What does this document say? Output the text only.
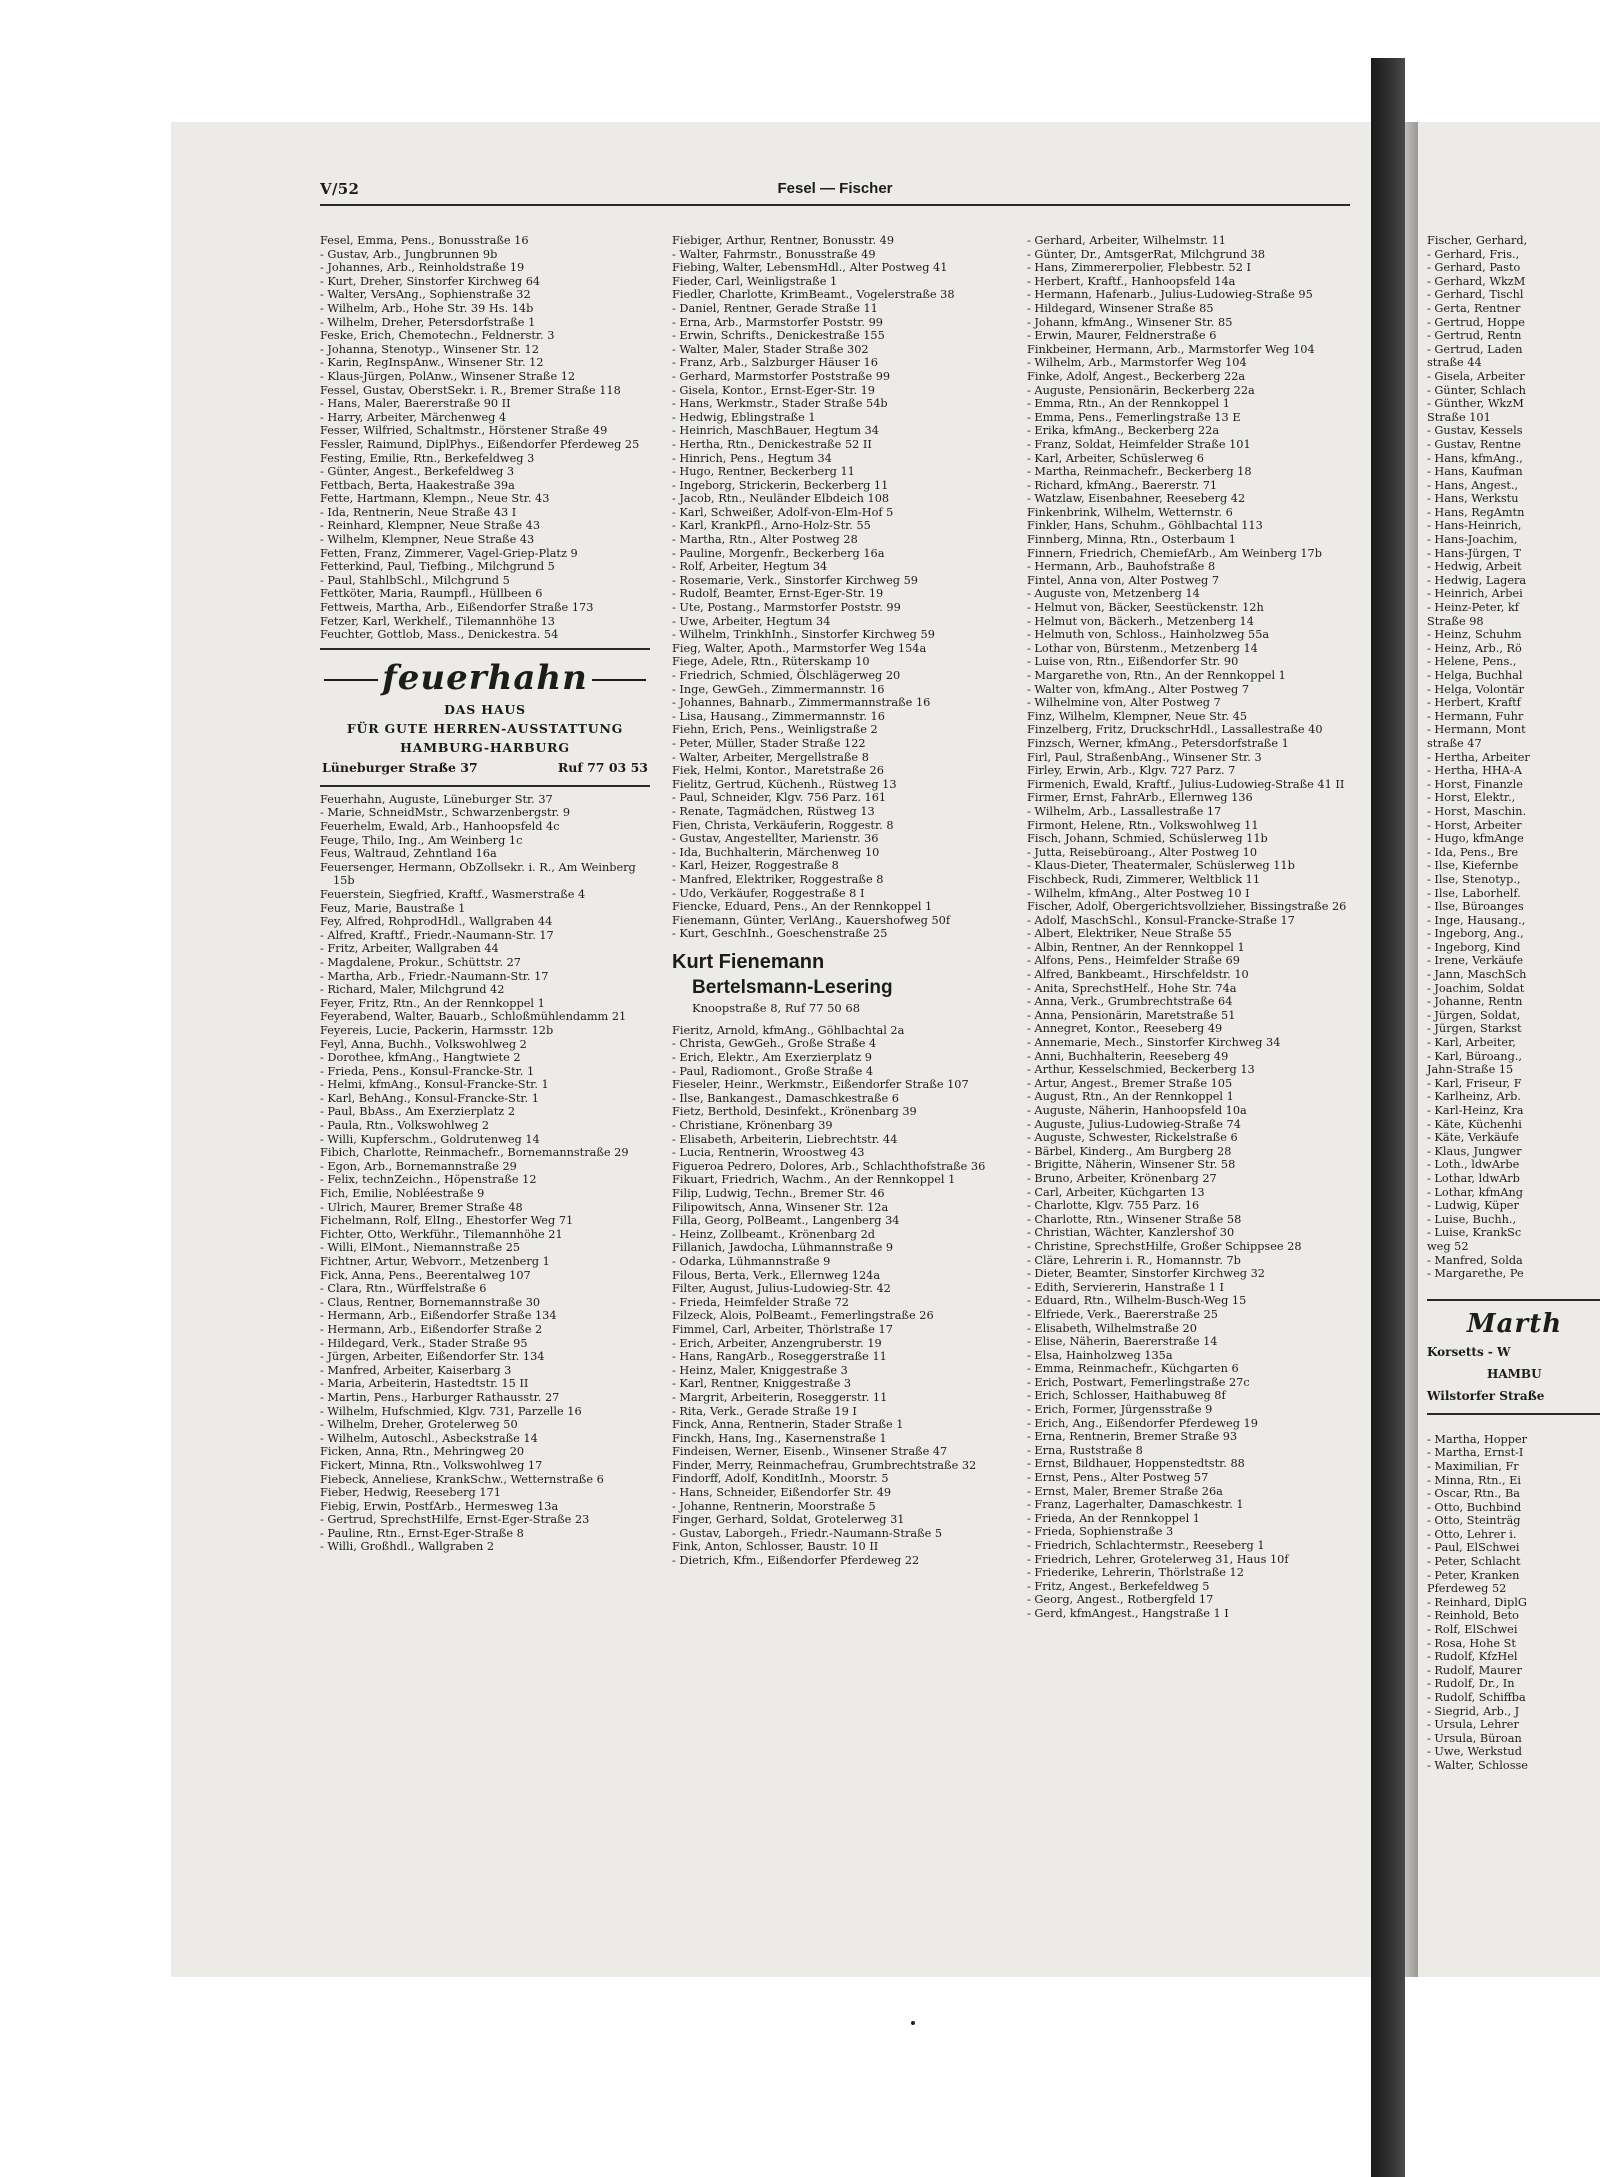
Fischer, Gerhard,
- Gerhard, Fris.,
- Gerhard, Pasto
- Gerhard, WkzM
- Gerhard, Tischl
- Gerta, Rentner
- Gertrud, Hoppe
- Gertrud, Rentn
- Gertrud, Laden
straße 44
- Gisela, Arbeiter
- Günter, Schlach
- Günther, WkzM
Straße 101
- Gustav, Kessels
- Gustav, Rentne
- Hans, kfmAng.,
- Hans, Kaufman
- Hans, Angest.,
- Hans, Werkstu
- Hans, RegAmtn
- Hans-Heinrich,
- Hans-Joachim,
- Hans-Jürgen, T
- Hedwig, Arbeit
- Hedwig, Lagera
- Heinrich, Arbei
- Heinz-Peter, kf
Straße 98
- Heinz, Schuhm
- Heinz, Arb., Rö
- Helene, Pens.,
- Helga, Buchhal
- Helga, Volontär
- Herbert, Kraftf
- Hermann, Fuhr
- Hermann, Mont
straße 47
- Hertha, Arbeiter
- Hertha, HHA-A
- Horst, Finanzle
- Horst, Elektr.,
- Horst, Maschin.
- Horst, Arbeiter
- Hugo, kfmAnge
- Ida, Pens., Bre
- Ilse, Kiefernbe
- Ilse, Stenotyp.,
- Ilse, Laborhelf.
- Ilse, Büroanges
- Inge, Hausang.,
- Ingeborg, Ang.,
- Ingeborg, Kind
- Irene, Verkäufe
- Jann, MaschSch
- Joachim, Soldat
- Johanne, Rentn
- Jürgen, Soldat,
- Jürgen, Starkst
- Karl, Arbeiter,
- Karl, Büroang.,
Jahn-Straße 15
- Karl, Friseur, F
- Karlheinz, Arb.
- Karl-Heinz, Kra
- Käte, Küchenhi
- Käte, Verkäufe
- Klaus, Jungwer
- Loth., ldwArbe
- Lothar, ldwArb
- Lothar, kfmAng
- Ludwig, Küper
- Luise, Buchh.,
- Luise, KrankSc
weg 52
- Manfred, Solda
- Margarethe, Pe
Marth
Korsetts - W
HAMBU
Wilstorfer Straße
- Martha, Hopper
- Martha, Ernst-I
- Maximilian, Fr
- Minna, Rtn., Ei
- Oscar, Rtn., Ba
- Otto, Buchbind
- Otto, Steinträg
- Otto, Lehrer i.
- Paul, ElSchwei
- Peter, Schlacht
- Peter, Kranken
Pferdeweg 52
- Reinhard, DiplG
- Reinhold, Beto
- Rolf, ElSchwei
- Rosa, Hohe St
- Rudolf, KfzHel
- Rudolf, Maurer
- Rudolf, Dr., In
- Rudolf, Schiffba
- Siegrid, Arb., J
- Ursula, Lehrer
- Ursula, Büroan
- Uwe, Werkstud
- Walter, Schlosse
Fesel — Fischer
V/52
Fesel, Emma, Pens., Bonusstraße 16
- Gustav, Arb., Jungbrunnen 9b
- Johannes, Arb., Reinholdstraße 19
- Kurt, Dreher, Sinstorfer Kirchweg 64
- Walter, VersAng., Sophienstraße 32
- Wilhelm, Arb., Hohe Str. 39 Hs. 14b
- Wilhelm, Dreher, Petersdorfstraße 1
Feske, Erich, Chemotechn., Feldnerstr. 3
- Johanna, Stenotyp., Winsener Str. 12
- Karin, RegInspAnw., Winsener Str. 12
- Klaus-Jürgen, PolAnw., Winsener Straße 12
Fessel, Gustav, OberstSekr. i. R., Bremer Straße 118
- Hans, Maler, Baererstraße 90 II
- Harry, Arbeiter, Märchenweg 4
Fesser, Wilfried, Schaltmstr., Hörstener Straße 49
Fessler, Raimund, DiplPhys., Eißendorfer Pferdeweg 25
Festing, Emilie, Rtn., Berkefeldweg 3
- Günter, Angest., Berkefeldweg 3
Fettbach, Berta, Haakestraße 39a
Fette, Hartmann, Klempn., Neue Str. 43
- Ida, Rentnerin, Neue Straße 43 I
- Reinhard, Klempner, Neue Straße 43
- Wilhelm, Klempner, Neue Straße 43
Fetten, Franz, Zimmerer, Vagel-Griep-Platz 9
Fetterkind, Paul, Tiefbing., Milchgrund 5
- Paul, StahlbSchl., Milchgrund 5
Fettköter, Maria, Raumpfl., Hüllbeen 6
Fettweis, Martha, Arb., Eißendorfer Straße 173
Fetzer, Karl, Werkhelf., Tilemannhöhe 13
Feuchter, Gottlob, Mass., Denickestra. 54
feuerhahn
DAS HAUS
FÜR GUTE HERREN-AUSSTATTUNG
HAMBURG-HARBURG
Lüneburger Straße 37	Ruf 77 03 53
Feuerhahn, Auguste, Lüneburger Str. 37
- Marie, SchneidMstr., Schwarzenbergstr. 9
Feuerhelm, Ewald, Arb., Hanhoopsfeld 4c
Feuge, Thilo, Ing., Am Weinberg 1c
Feus, Waltraud, Zehntland 16a
Feuersenger, Hermann, ObZollsekr. i. R., Am Weinberg 15b
Feuerstein, Siegfried, Kraftf., Wasmerstraße 4
Feuz, Marie, Baustraße 1
Fey, Alfred, RohprodHdl., Wallgraben 44
- Alfred, Kraftf., Friedr.-Naumann-Str. 17
- Fritz, Arbeiter, Wallgraben 44
- Magdalene, Prokur., Schüttstr. 27
- Martha, Arb., Friedr.-Naumann-Str. 17
- Richard, Maler, Milchgrund 42
Feyer, Fritz, Rtn., An der Rennkoppel 1
Feyerabend, Walter, Bauarb., Schloßmühlendamm 21
Feyereis, Lucie, Packerin, Harmsstr. 12b
Feyl, Anna, Buchh., Volkswohlweg 2
- Dorothee, kfmAng., Hangtwiete 2
- Frieda, Pens., Konsul-Francke-Str. 1
- Helmi, kfmAng., Konsul-Francke-Str. 1
- Karl, BehAng., Konsul-Francke-Str. 1
- Paul, BbAss., Am Exerzierplatz 2
- Paula, Rtn., Volkswohlweg 2
- Willi, Kupferschm., Goldrutenweg 14
Fibich, Charlotte, Reinmachefr., Bornemannstraße 29
- Egon, Arb., Bornemannstraße 29
- Felix, technZeichn., Höpenstraße 12
Fich, Emilie, Nobléestraße 9
- Ulrich, Maurer, Bremer Straße 48
Fichelmann, Rolf, ElIng., Ehestorfer Weg 71
Fichter, Otto, Werkführ., Tilemannhöhe 21
- Willi, ElMont., Niemannstraße 25
Fichtner, Artur, Webvorr., Metzenberg 1
Fick, Anna, Pens., Beerentalweg 107
- Clara, Rtn., Würffelstraße 6
- Claus, Rentner, Bornemannstraße 30
- Hermann, Arb., Eißendorfer Straße 134
- Hermann, Arb., Eißendorfer Straße 2
- Hildegard, Verk., Stader Straße 95
- Jürgen, Arbeiter, Eißendorfer Str. 134
- Manfred, Arbeiter, Kaiserbarg 3
- Maria, Arbeiterin, Hastedtstr. 15 II
- Martin, Pens., Harburger Rathausstr. 27
- Wilhelm, Hufschmied, Klgv. 731, Parzelle 16
- Wilhelm, Dreher, Grotelerweg 50
- Wilhelm, Autoschl., Asbeckstraße 14
Ficken, Anna, Rtn., Mehringweg 20
Fickert, Minna, Rtn., Volkswohlweg 17
Fiebeck, Anneliese, KrankSchw., Wetternstraße 6
Fieber, Hedwig, Reeseberg 171
Fiebig, Erwin, PostfArb., Hermesweg 13a
- Gertrud, SprechstHilfe, Ernst-Eger-Straße 23
- Pauline, Rtn., Ernst-Eger-Straße 8
- Willi, Großhdl., Wallgraben 2
Fiebiger, Arthur, Rentner, Bonusstr. 49
- Walter, Fahrmstr., Bonusstraße 49
Fiebing, Walter, LebensmHdl., Alter Postweg 41
Fieder, Carl, Weinligstraße 1
Fiedler, Charlotte, KrimBeamt., Vogelerstraße 38
- Daniel, Rentner, Gerade Straße 11
- Erna, Arb., Marmstorfer Poststr. 99
- Erwin, Schrifts., Denickestraße 155
- Walter, Maler, Stader Straße 302
- Franz, Arb., Salzburger Häuser 16
- Gerhard, Marmstorfer Poststraße 99
- Gisela, Kontor., Ernst-Eger-Str. 19
- Hans, Werkmstr., Stader Straße 54b
- Hedwig, Eblingstraße 1
- Heinrich, MaschBauer, Hegtum 34
- Hertha, Rtn., Denickestraße 52 II
- Hinrich, Pens., Hegtum 34
- Hugo, Rentner, Beckerberg 11
- Ingeborg, Strickerin, Beckerberg 11
- Jacob, Rtn., Neuländer Elbdeich 108
- Karl, Schweißer, Adolf-von-Elm-Hof 5
- Karl, KrankPfl., Arno-Holz-Str. 55
- Martha, Rtn., Alter Postweg 28
- Pauline, Morgenfr., Beckerberg 16a
- Rolf, Arbeiter, Hegtum 34
- Rosemarie, Verk., Sinstorfer Kirchweg 59
- Rudolf, Beamter, Ernst-Eger-Str. 19
- Ute, Postang., Marmstorfer Poststr. 99
- Uwe, Arbeiter, Hegtum 34
- Wilhelm, TrinkhInh., Sinstorfer Kirchweg 59
Fieg, Walter, Apoth., Marmstorfer Weg 154a
Fiege, Adele, Rtn., Rüterskamp 10
- Friedrich, Schmied, Ölschlägerweg 20
- Inge, GewGeh., Zimmermannstr. 16
- Johannes, Bahnarb., Zimmermannstraße 16
- Lisa, Hausang., Zimmermannstr. 16
Fiehn, Erich, Pens., Weinligstraße 2
- Peter, Müller, Stader Straße 122
- Walter, Arbeiter, Mergellstraße 8
Fiek, Helmi, Kontor., Maretstraße 26
Fielitz, Gertrud, Küchenh., Rüstweg 13
- Paul, Schneider, Klgv. 756 Parz. 161
- Renate, Tagmädchen, Rüstweg 13
Fien, Christa, Verkäuferin, Roggestr. 8
- Gustav, Angestellter, Marienstr. 36
- Ida, Buchhalterin, Märchenweg 10
- Karl, Heizer, Roggestraße 8
- Manfred, Elektriker, Roggestraße 8
- Udo, Verkäufer, Roggestraße 8 I
Fiencke, Eduard, Pens., An der Rennkoppel 1
Fienemann, Günter, VerlAng., Kauershofweg 50f
- Kurt, GeschInh., Goeschenstraße 25
Kurt Fienemann
Bertelsmann-Lesering
Knoopstraße 8, Ruf 77 50 68
Fieritz, Arnold, kfmAng., Göhlbachtal 2a
- Christa, GewGeh., Große Straße 4
- Erich, Elektr., Am Exerzierplatz 9
- Paul, Radiomont., Große Straße 4
Fieseler, Heinr., Werkmstr., Eißendorfer Straße 107
- Ilse, Bankangest., Damaschkestraße 6
Fietz, Berthold, Desinfekt., Krönenbarg 39
- Christiane, Krönenbarg 39
- Elisabeth, Arbeiterin, Liebrechtstr. 44
- Lucia, Rentnerin, Wroostweg 43
Figueroa Pedrero, Dolores, Arb., Schlachthofstraße 36
Fikuart, Friedrich, Wachm., An der Rennkoppel 1
Filip, Ludwig, Techn., Bremer Str. 46
Filipowitsch, Anna, Winsener Str. 12a
Filla, Georg, PolBeamt., Langenberg 34
- Heinz, Zollbeamt., Krönenbarg 2d
Fillanich, Jawdocha, Lühmannstraße 9
- Odarka, Lühmannstraße 9
Filous, Berta, Verk., Ellernweg 124a
Filter, August, Julius-Ludowieg-Str. 42
- Frieda, Heimfelder Straße 72
Filzeck, Alois, PolBeamt., Femerlingstraße 26
Fimmel, Carl, Arbeiter, Thörlstraße 17
- Erich, Arbeiter, Anzengruberstr. 19
- Hans, RangArb., Roseggerstraße 11
- Heinz, Maler, Kniggestraße 3
- Karl, Rentner, Kniggestraße 3
- Margrit, Arbeiterin, Roseggerstr. 11
- Rita, Verk., Gerade Straße 19 I
Finck, Anna, Rentnerin, Stader Straße 1
Finckh, Hans, Ing., Kasernenstraße 1
Findeisen, Werner, Eisenb., Winsener Straße 47
Finder, Merry, Reinmachefrau, Grumbrechtstraße 32
Findorff, Adolf, KonditInh., Moorstr. 5
- Hans, Schneider, Eißendorfer Str. 49
- Johanne, Rentnerin, Moorstraße 5
Finger, Gerhard, Soldat, Grotelerweg 31
- Gustav, Laborgeh., Friedr.-Naumann-Straße 5
Fink, Anton, Schlosser, Baustr. 10 II
- Dietrich, Kfm., Eißendorfer Pferdeweg 22
- Gerhard, Arbeiter, Wilhelmstr. 11
- Günter, Dr., AmtsgerRat, Milchgrund 38
- Hans, Zimmererpolier, Flebbestr. 52 I
- Herbert, Kraftf., Hanhoopsfeld 14a
- Hermann, Hafenarb., Julius-Ludowieg-Straße 95
- Hildegard, Winsener Straße 85
- Johann, kfmAng., Winsener Str. 85
- Erwin, Maurer, Feldnerstraße 6
Finkbeiner, Hermann, Arb., Marmstorfer Weg 104
- Wilhelm, Arb., Marmstorfer Weg 104
Finke, Adolf, Angest., Beckerberg 22a
- Auguste, Pensionärin, Beckerberg 22a
- Emma, Rtn., An der Rennkoppel 1
- Emma, Pens., Femerlingstraße 13 E
- Erika, kfmAng., Beckerberg 22a
- Franz, Soldat, Heimfelder Straße 101
- Karl, Arbeiter, Schüslerweg 6
- Martha, Reinmachefr., Beckerberg 18
- Richard, kfmAng., Baererstr. 71
- Watzlaw, Eisenbahner, Reeseberg 42
Finkenbrink, Wilhelm, Wetternstr. 6
Finkler, Hans, Schuhm., Göhlbachtal 113
Finnberg, Minna, Rtn., Osterbaum 1
Finnern, Friedrich, ChemiefArb., Am Weinberg 17b
- Hermann, Arb., Bauhofstraße 8
Fintel, Anna von, Alter Postweg 7
- Auguste von, Metzenberg 14
- Helmut von, Bäcker, Seestückenstr. 12h
- Helmut von, Bäckerh., Metzenberg 14
- Helmuth von, Schloss., Hainholzweg 55a
- Lothar von, Bürstenm., Metzenberg 14
- Luise von, Rtn., Eißendorfer Str. 90
- Margarethe von, Rtn., An der Rennkoppel 1
- Walter von, kfmAng., Alter Postweg 7
- Wilhelmine von, Alter Postweg 7
Finz, Wilhelm, Klempner, Neue Str. 45
Finzelberg, Fritz, DruckschrHdl., Lassallestraße 40
Finzsch, Werner, kfmAng., Petersdorfstraße 1
Firl, Paul, StraßenbAng., Winsener Str. 3
Firley, Erwin, Arb., Klgv. 727 Parz. 7
Firmenich, Ewald, Kraftf., Julius-Ludowieg-Straße 41 II
Firmer, Ernst, FahrArb., Ellernweg 136
- Wilhelm, Arb., Lassallestraße 17
Firmont, Helene, Rtn., Volkswohlweg 11
Fisch, Johann, Schmied, Schüslerweg 11b
- Jutta, Reisebüroang., Alter Postweg 10
- Klaus-Dieter, Theatermaler, Schüslerweg 11b
Fischbeck, Rudi, Zimmerer, Weltblick 11
- Wilhelm, kfmAng., Alter Postweg 10 I
Fischer, Adolf, Obergerichtsvollzieher, Bissingstraße 26
- Adolf, MaschSchl., Konsul-Francke-Straße 17
- Albert, Elektriker, Neue Straße 55
- Albin, Rentner, An der Rennkoppel 1
- Alfons, Pens., Heimfelder Straße 69
- Alfred, Bankbeamt., Hirschfeldstr. 10
- Anita, SprechstHelf., Hohe Str. 74a
- Anna, Verk., Grumbrechtstraße 64
- Anna, Pensionärin, Maretstraße 51
- Annegret, Kontor., Reeseberg 49
- Annemarie, Mech., Sinstorfer Kirchweg 34
- Anni, Buchhalterin, Reeseberg 49
- Arthur, Kesselschmied, Beckerberg 13
- Artur, Angest., Bremer Straße 105
- August, Rtn., An der Rennkoppel 1
- Auguste, Näherin, Hanhoopsfeld 10a
- Auguste, Julius-Ludowieg-Straße 74
- Auguste, Schwester, Rickelstraße 6
- Bärbel, Kinderg., Am Burgberg 28
- Brigitte, Näherin, Winsener Str. 58
- Bruno, Arbeiter, Krönenbarg 27
- Carl, Arbeiter, Küchgarten 13
- Charlotte, Klgv. 755 Parz. 16
- Charlotte, Rtn., Winsener Straße 58
- Christian, Wächter, Kanzlershof 30
- Christine, SprechstHilfe, Großer Schippsee 28
- Cläre, Lehrerin i. R., Homannstr. 7b
- Dieter, Beamter, Sinstorfer Kirchweg 32
- Edith, Serviererin, Hanstraße 1 I
- Eduard, Rtn., Wilhelm-Busch-Weg 15
- Elfriede, Verk., Baererstraße 25
- Elisabeth, Wilhelmstraße 20
- Elise, Näherin, Baererstraße 14
- Elsa, Hainholzweg 135a
- Emma, Reinmachefr., Küchgarten 6
- Erich, Postwart, Femerlingstraße 27c
- Erich, Schlosser, Haithabuweg 8f
- Erich, Former, Jürgensstraße 9
- Erich, Ang., Eißendorfer Pferdeweg 19
- Erna, Rentnerin, Bremer Straße 93
- Erna, Ruststraße 8
- Ernst, Bildhauer, Hoppenstedtstr. 88
- Ernst, Pens., Alter Postweg 57
- Ernst, Maler, Bremer Straße 26a
- Franz, Lagerhalter, Damaschkestr. 1
- Frieda, An der Rennkoppel 1
- Frieda, Sophienstraße 3
- Friedrich, Schlachtermstr., Reeseberg 1
- Friedrich, Lehrer, Grotelerweg 31, Haus 10f
- Friederike, Lehrerin, Thörlstraße 12
- Fritz, Angest., Berkefeldweg 5
- Georg, Angest., Rotbergfeld 17
- Gerd, kfmAngest., Hangstraße 1 I
